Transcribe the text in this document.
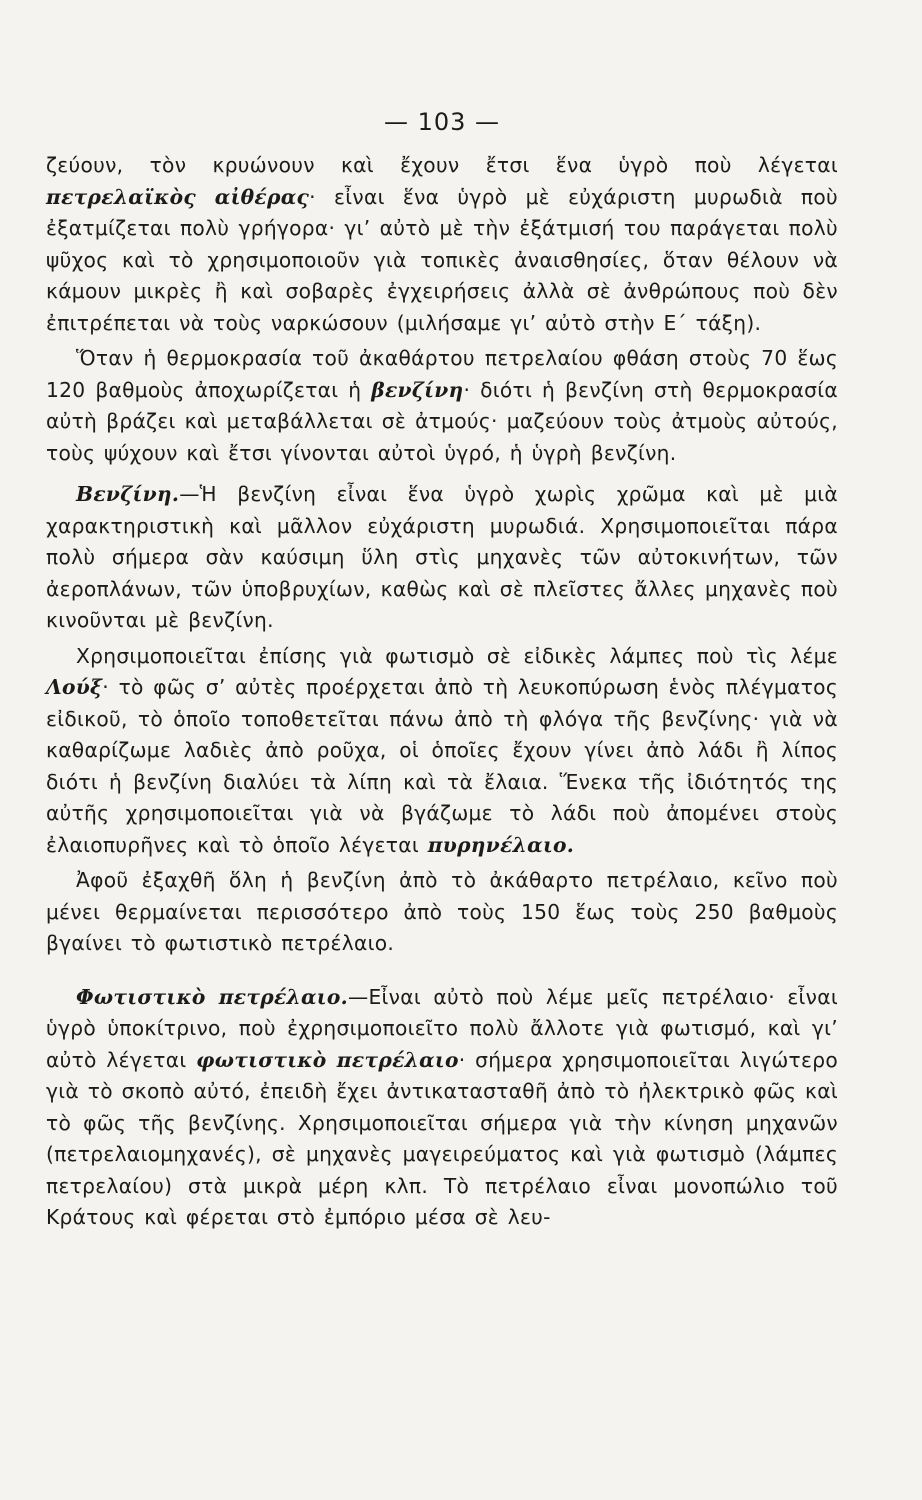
— 103 —

ζεύουν, τὸν κρυώνουν καὶ ἔχουν ἔτσι ἕνα ὑγρὸ ποὺ λέγεται πετρελαϊκὸς αἰθέρας· εἶναι ἕνα ὑγρὸ μὲ εὐχάριστη μυρωδιὰ ποὺ ἐξατμίζεται πολὺ γρήγορα· γι’ αὐτὸ μὲ τὴν ἐξάτμισή του παράγεται πολὺ ψῦχος καὶ τὸ χρησιμοποιοῦν γιὰ τοπικὲς ἀναισθησίες, ὅταν θέλουν νὰ κάμουν μικρὲς ἢ καὶ σοβαρὲς ἐγχειρήσεις ἀλλὰ σὲ ἀνθρώπους ποὺ δὲν ἐπιτρέπεται νὰ τοὺς ναρκώσουν (μιλήσαμε γι’ αὐτὸ στὴν Ε΄ τάξη).

Ὅταν ἡ θερμοκρασία τοῦ ἀκαθάρτου πετρελαίου φθάση στοὺς 70 ἕως 120 βαθμοὺς ἀποχωρίζεται ἡ βενζίνη· διότι ἡ βενζίνη στὴ θερμοκρασία αὐτὴ βράζει καὶ μεταβάλλεται σὲ ἀτμούς· μαζεύουν τοὺς ἀτμοὺς αὐτούς, τοὺς ψύχουν καὶ ἔτσι γίνονται αὐτοὶ ὑγρό, ἡ ὑγρὴ βενζίνη.

Βενζίνη.—Ἡ βενζίνη εἶναι ἕνα ὑγρὸ χωρὶς χρῶμα καὶ μὲ μιὰ χαρακτηριστικὴ καὶ μᾶλλον εὐχάριστη μυρωδιά. Χρησιμοποιεῖται πάρα πολὺ σήμερα σὰν καύσιμη ὕλη στὶς μηχανὲς τῶν αὐτοκινήτων, τῶν ἀεροπλάνων, τῶν ὑποβρυχίων, καθὼς καὶ σὲ πλεῖστες ἄλλες μηχανὲς ποὺ κινοῦνται μὲ βενζίνη.

Χρησιμοποιεῖται ἐπίσης γιὰ φωτισμὸ σὲ εἰδικὲς λάμπες ποὺ τὶς λέμε Λούξ· τὸ φῶς σ’ αὐτὲς προέρχεται ἀπὸ τὴ λευκοπύρωση ἑνὸς πλέγματος εἰδικοῦ, τὸ ὁποῖο τοποθετεῖται πάνω ἀπὸ τὴ φλόγα τῆς βενζίνης· γιὰ νὰ καθαρίζωμε λαδιὲς ἀπὸ ροῦχα, οἱ ὁποῖες ἔχουν γίνει ἀπὸ λάδι ἢ λίπος διότι ἡ βενζίνη διαλύει τὰ λίπη καὶ τὰ ἔλαια. Ἕνεκα τῆς ἰδιότητός της αὐτῆς χρησιμοποιεῖται γιὰ νὰ βγάζωμε τὸ λάδι ποὺ ἀπομένει στοὺς ἐλαιοπυρῆνες καὶ τὸ ὁποῖο λέγεται πυρηνέλαιο.

Ἀφοῦ ἐξαχθῆ ὅλη ἡ βενζίνη ἀπὸ τὸ ἀκάθαρτο πετρέλαιο, κεῖνο ποὺ μένει θερμαίνεται περισσότερο ἀπὸ τοὺς 150 ἕως τοὺς 250 βαθμοὺς βγαίνει τὸ φωτιστικὸ πετρέλαιο.

Φωτιστικὸ πετρέλαιο.—Εἶναι αὐτὸ ποὺ λέμε μεῖς πετρέλαιο· εἶναι ὑγρὸ ὑποκίτρινο, ποὺ ἐχρησιμοποιεῖτο πολὺ ἄλλοτε γιὰ φωτισμό, καὶ γι’ αὐτὸ λέγεται φωτιστικὸ πετρέλαιο· σήμερα χρησιμοποιεῖται λιγώτερο γιὰ τὸ σκοπὸ αὐτό, ἐπειδὴ ἔχει ἀντικατασταθῆ ἀπὸ τὸ ἠλεκτρικὸ φῶς καὶ τὸ φῶς τῆς βενζίνης. Χρησιμοποιεῖται σήμερα γιὰ τὴν κίνηση μηχανῶν (πετρελαιομηχανές), σὲ μηχανὲς μαγειρεύματος καὶ γιὰ φωτισμὸ (λάμπες πετρελαίου) στὰ μικρὰ μέρη κλπ. Τὸ πετρέλαιο εἶναι μονοπώλιο τοῦ Κράτους καὶ φέρεται στὸ ἐμπόριο μέσα σὲ λευ-
